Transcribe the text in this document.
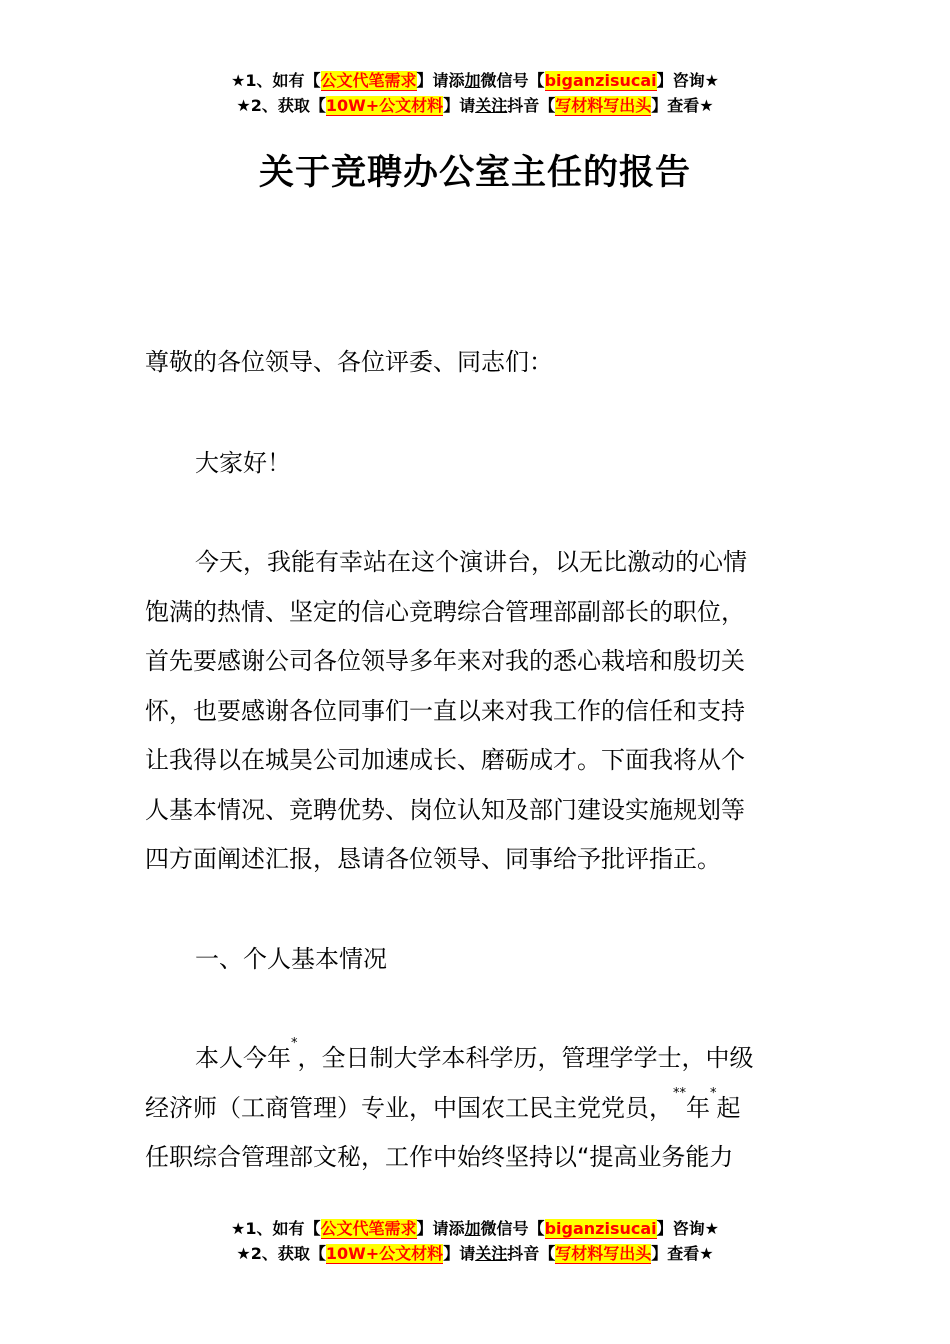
★1、如有【公文代笔需求】请添加微信号【biganzisucai】咨询★
★2、获取【10W+公文材料】请关注抖音【写材料写出头】查看★
关于竞聘办公室主任的报告
尊敬的各位领导、各位评委、同志们：
大家好！
今天，我能有幸站在这个演讲台，以无比激动的心情
饱满的热情、坚定的信心竞聘综合管理部副部长的职位，
首先要感谢公司各位领导多年来对我的悉心栽培和殷切关
怀，也要感谢各位同事们一直以来对我工作的信任和支持
让我得以在城昊公司加速成长、磨砺成才。下面我将从个
人基本情况、竞聘优势、岗位认知及部门建设实施规划等
四方面阐述汇报，恳请各位领导、同事给予批评指正。
一、个人基本情况
本人今年*，全日制大学本科学历，管理学学士，中级
经济师（工商管理）专业，中国农工民主党党员，**年*起
任职综合管理部文秘，工作中始终坚持以“提高业务能力
★1、如有【公文代笔需求】请添加微信号【biganzisucai】咨询★
★2、获取【10W+公文材料】请关注抖音【写材料写出头】查看★
